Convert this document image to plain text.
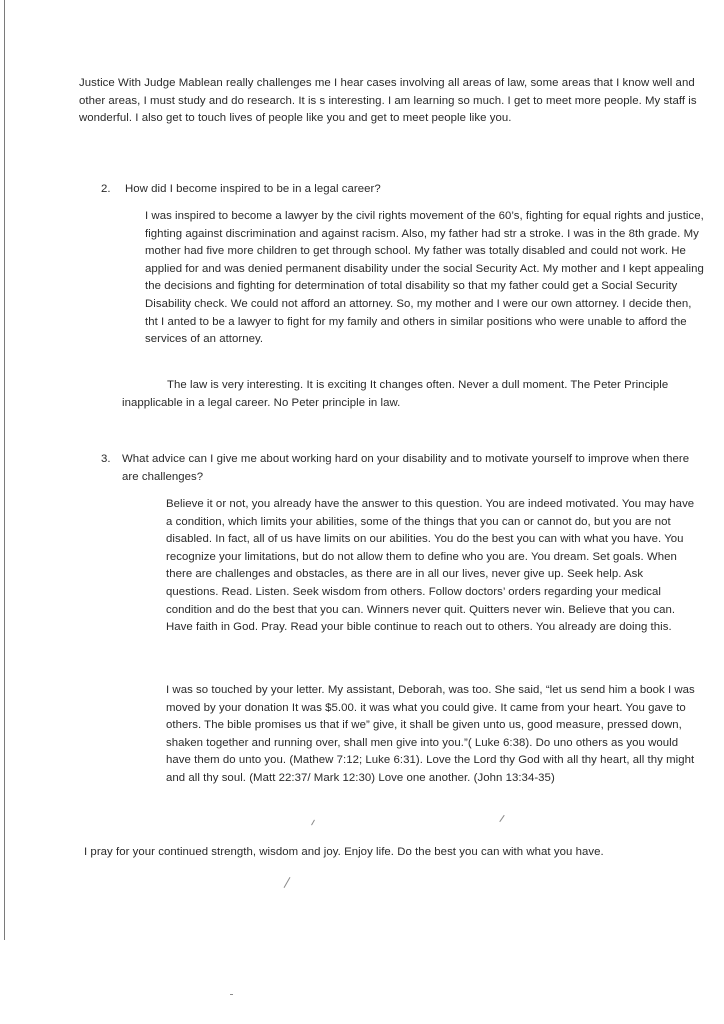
Justice With Judge Mablean really challenges me I hear cases involving all areas of law, some areas that I know well and other areas, I must study and do research. It is s interesting. I am learning so much. I get to meet more people. My staff is wonderful. I also get to touch lives of people like you and get to meet people like you.

2. How did I become inspired to be in a legal career?

I was inspired to become a lawyer by the civil rights movement of the 60’s, fighting for equal rights and justice, fighting against discrimination and against racism. Also, my father had str a stroke. I was in the 8th grade. My mother had five more children to get through school. My father was totally disabled and could not work. He applied for and was denied permanent disability under the social Security Act. My mother and I kept appealing the decisions and fighting for determination of total disability so that my father could get a Social Security Disability check. We could not afford an attorney. So, my mother and I were our own attorney. I decide then, tht I anted to be a lawyer to fight for my family and others in similar positions who were unable to afford the services of an attorney.

The law is very interesting. It is exciting It changes often. Never a dull moment. The Peter Principle inapplicable in a legal career. No Peter principle in law.

3. What advice can I give me about working hard on your disability and to motivate yourself to improve when there are challenges?

Believe it or not, you already have the answer to this question. You are indeed motivated. You may have a condition, which limits your abilities, some of the things that you can or cannot do, but you are not disabled. In fact, all of us have limits on our abilities. You do the best you can with what you have. You recognize your limitations, but do not allow them to define who you are. You dream. Set goals. When there are challenges and obstacles, as there are in all our lives, never give up. Seek help. Ask questions. Read. Listen. Seek wisdom from others. Follow doctors’ orders regarding your medical condition and do the best that you can. Winners never quit. Quitters never win. Believe that you can. Have faith in God. Pray. Read your bible continue to reach out to others. You already are doing this.

I was so touched by your letter. My assistant, Deborah, was too. She said, “let us send him a book I was moved by your donation It was $5.00. it was what you could give. It came from your heart. You gave to others. The bible promises us that if we” give, it shall be given unto us, good measure, pressed down, shaken together and running over, shall men give into you.”( Luke 6:38). Do uno others as you would have them do unto you. (Mathew 7:12; Luke 6:31). Love the Lord thy God with all thy heart, all thy might and all thy soul. (Matt 22:37/ Mark 12:30) Love one another. (John 13:34-35)

I pray for your continued strength, wisdom and joy. Enjoy life. Do the best you can with what you have.
